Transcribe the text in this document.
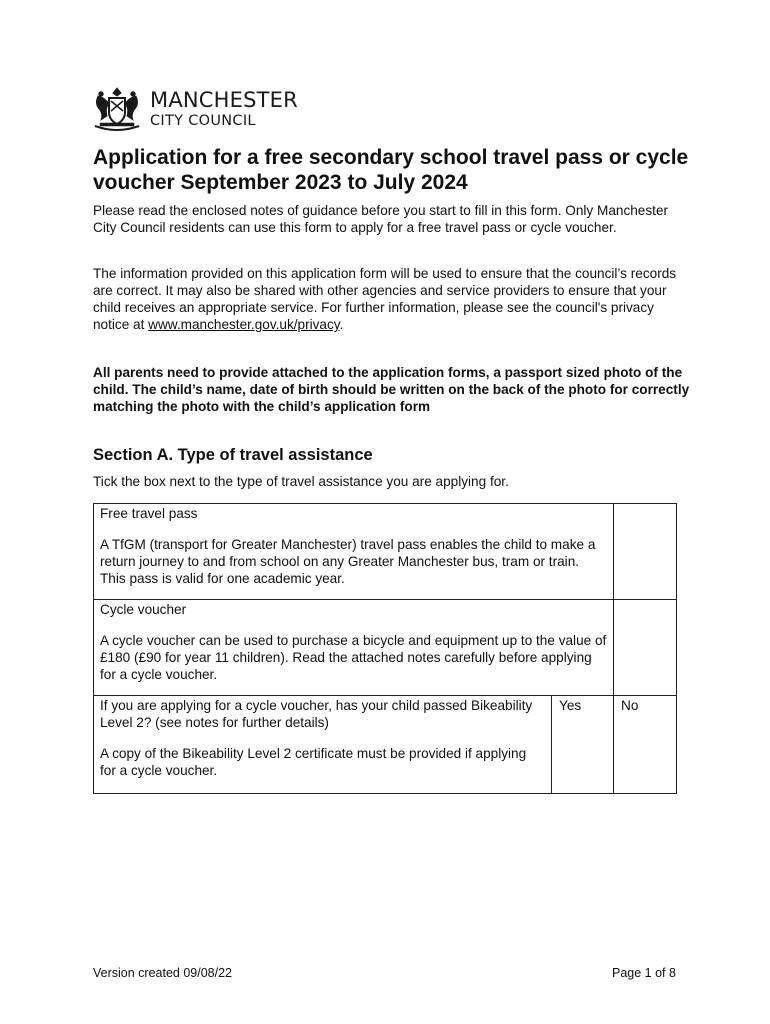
MANCHESTER
CITY COUNCIL
Application for a free secondary school travel pass or cycle voucher September 2023 to July 2024

Please read the enclosed notes of guidance before you start to fill in this form. Only Manchester City Council residents can use this form to apply for a free travel pass or cycle voucher.

The information provided on this application form will be used to ensure that the council’s records are correct. It may also be shared with other agencies and service providers to ensure that your child receives an appropriate service. For further information, please see the council's privacy notice at www.manchester.gov.uk/privacy.

All parents need to provide attached to the application forms, a passport sized photo of the child. The child’s name, date of birth should be written on the back of the photo for correctly matching the photo with the child’s application form

Section A. Type of travel assistance

Tick the box next to the type of travel assistance you are applying for.

Free travel pass

A TfGM (transport for Greater Manchester) travel pass enables the child to make a return journey to and from school on any Greater Manchester bus, tram or train. This pass is valid for one academic year.

Cycle voucher

A cycle voucher can be used to purchase a bicycle and equipment up to the value of £180 (£90 for year 11 children). Read the attached notes carefully before applying for a cycle voucher.

If you are applying for a cycle voucher, has your child passed Bikeability Level 2? (see notes for further details)

A copy of the Bikeability Level 2 certificate must be provided if applying for a cycle voucher.

Yes	No
Version created 09/08/22	Page 1 of 8
